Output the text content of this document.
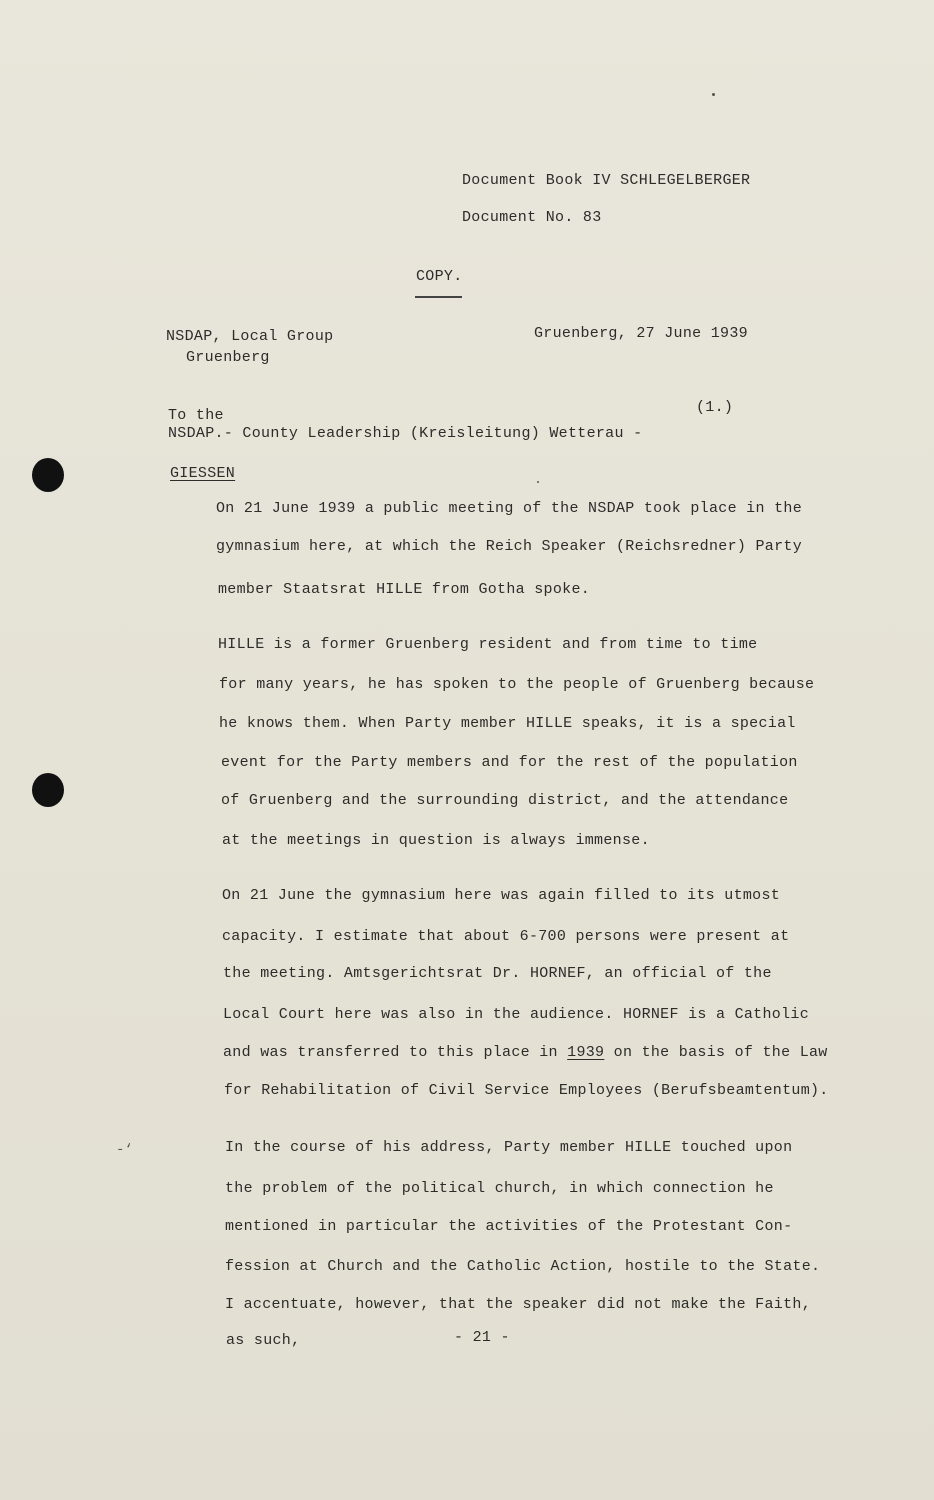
Document Book IV SCHLEGELBERGER
Document No. 83
COPY.
NSDAP, Local Group
Gruenberg
Gruenberg, 27 June 1939
(1.)
To the
NSDAP.- County Leadership (Kreisleitung) Wetterau -
GIESSEN
On 21 June 1939 a public meeting of the NSDAP took place in the
gymnasium here, at which the Reich Speaker (Reichsredner) Party
member Staatsrat HILLE from Gotha spoke.
HILLE is a former Gruenberg resident and from time to time
for many years, he has spoken to the people of Gruenberg because
he knows them. When Party member HILLE speaks, it is a special
event for the Party members and for the rest of the population
of Gruenberg and the surrounding district, and the attendance
at the meetings in question is always immense.
On 21 June the gymnasium here was again filled to its utmost
capacity. I estimate that about 6-700 persons were present at
the meeting. Amtsgerichtsrat Dr. HORNEF, an official of the
Local Court here was also in the audience. HORNEF is a Catholic
and was transferred to this place in 1939 on the basis of the Law
for Rehabilitation of Civil Service Employees (Berufsbeamtentum).
-‘	In the course of his address, Party member HILLE touched upon
the problem of the political church, in which connection he
mentioned in particular the activities of the Protestant Con-
fession at Church and the Catholic Action, hostile to the State.
I accentuate, however, that the speaker did not make the Faith,
as such,	- 21 -
